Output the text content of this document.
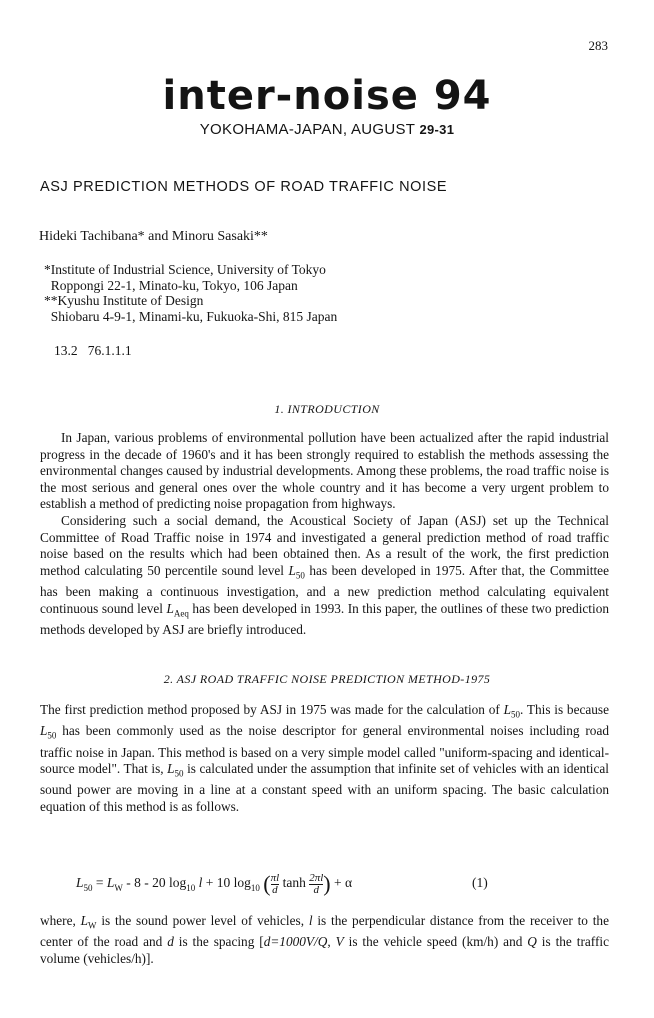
283
inter-noise 94
YOKOHAMA-JAPAN, AUGUST 29-31
ASJ PREDICTION METHODS OF ROAD TRAFFIC NOISE
Hideki Tachibana* and Minoru Sasaki**
*Institute of Industrial Science, University of Tokyo
Roppongi 22-1, Minato-ku, Tokyo, 106 Japan
**Kyushu Institute of Design
Shiobaru 4-9-1, Minami-ku, Fukuoka-Shi, 815 Japan
13.2   76.1.1.1
1. INTRODUCTION

In Japan, various problems of environmental pollution have been actualized after the rapid industrial progress in the decade of 1960's and it has been strongly required to establish the methods assessing the environmental changes caused by industrial developments. Among these problems, the road traffic noise is the most serious and general ones over the whole country and it has become a very urgent problem to establish a method of predicting noise propagation from highways.

Considering such a social demand, the Acoustical Society of Japan (ASJ) set up the Technical Committee of Road Traffic noise in 1974 and investigated a general prediction method of road traffic noise based on the results which had been obtained then. As a result of the work, the first prediction method calculating 50 percentile sound level $L_{50}$ has been developed in 1975. After that, the Committee has been making a continuous investigation, and a new prediction method calculating equivalent continuous sound level $L_{Aeq}$ has been developed in 1993. In this paper, the outlines of these two prediction methods developed by ASJ are briefly introduced.

2. ASJ ROAD TRAFFIC NOISE PREDICTION METHOD-1975

The first prediction method proposed by ASJ in 1975 was made for the calculation of $L_{50}$. This is because $L_{50}$ has been commonly used as the noise descriptor for general environmental noises including road traffic noise in Japan. This method is based on a very simple model called "uniform-spacing and identical-source model". That is, $L_{50}$ is calculated under the assumption that infinite set of vehicles with an identical sound power are moving in a line at a constant speed with an uniform spacing. The basic calculation equation of this method is as follows.

$L_{50} = L_W - 8 - 20$ $\log_{10} l + 10$ $\log_{10}$ ( $\frac{\pi l}{d}$ $\tanh \frac{2\pi l}{d}$ ) + α	(1)

where, $L_W$ is the sound power level of vehicles, l is the perpendicular distance from the receiver to the center of the road and d is the spacing [d=1000V/Q, V is the vehicle speed (km/h) and Q is the traffic volume (vehicles/h)].
